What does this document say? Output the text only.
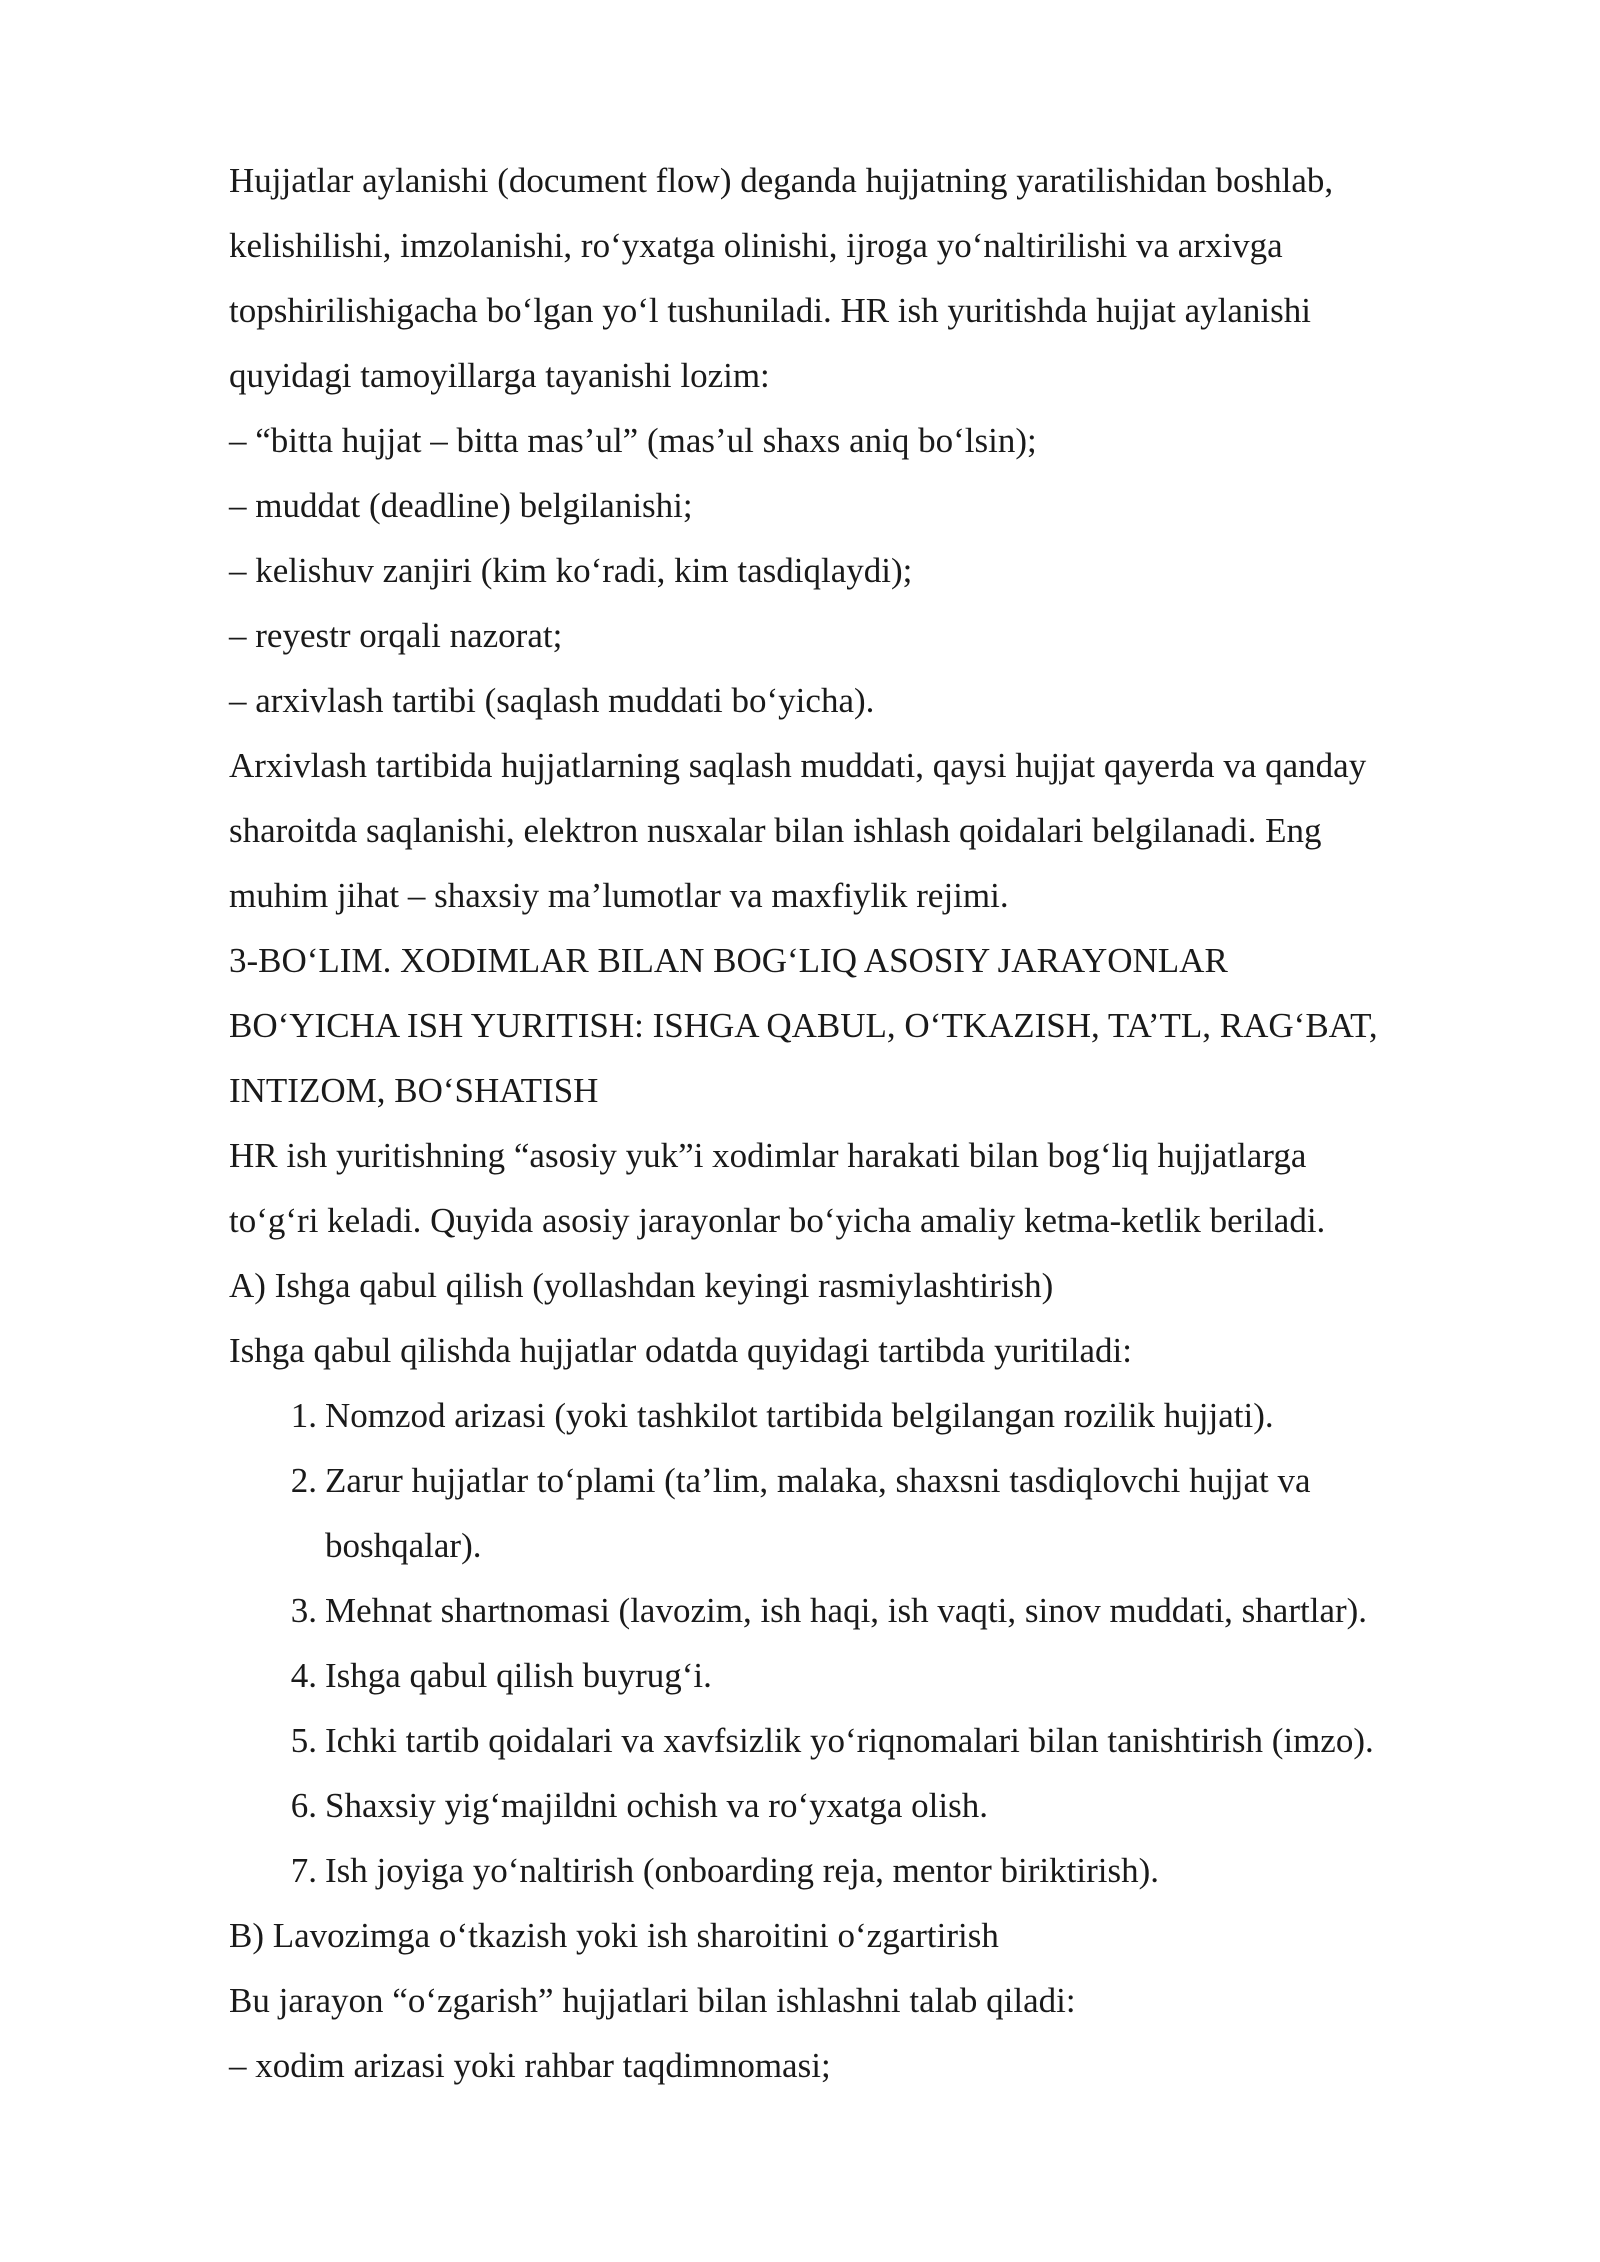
Hujjatlar aylanishi (document flow) deganda hujjatning yaratilishidan boshlab,
kelishilishi, imzolanishi, ro‘yxatga olinishi, ijroga yo‘naltirilishi va arxivga
topshirilishigacha bo‘lgan yo‘l tushuniladi. HR ish yuritishda hujjat aylanishi
quyidagi tamoyillarga tayanishi lozim:
– “bitta hujjat – bitta mas’ul” (mas’ul shaxs aniq bo‘lsin);
– muddat (deadline) belgilanishi;
– kelishuv zanjiri (kim ko‘radi, kim tasdiqlaydi);
– reyestr orqali nazorat;
– arxivlash tartibi (saqlash muddati bo‘yicha).
Arxivlash tartibida hujjatlarning saqlash muddati, qaysi hujjat qayerda va qanday
sharoitda saqlanishi, elektron nusxalar bilan ishlash qoidalari belgilanadi. Eng
muhim jihat – shaxsiy ma’lumotlar va maxfiylik rejimi.
3-BO‘LIM. XODIMLAR BILAN BOG‘LIQ ASOSIY JARAYONLAR
BO‘YICHA ISH YURITISH: ISHGA QABUL, O‘TKAZISH, TA’TL, RAG‘BAT,
INTIZOM, BO‘SHATISH
HR ish yuritishning “asosiy yuk”i xodimlar harakati bilan bog‘liq hujjatlarga
to‘g‘ri keladi. Quyida asosiy jarayonlar bo‘yicha amaliy ketma-ketlik beriladi.
A) Ishga qabul qilish (yollashdan keyingi rasmiylashtirish)
Ishga qabul qilishda hujjatlar odatda quyidagi tartibda yuritiladi:
1. Nomzod arizasi (yoki tashkilot tartibida belgilangan rozilik hujjati).
2. Zarur hujjatlar to‘plami (ta’lim, malaka, shaxsni tasdiqlovchi hujjat va
boshqalar).
3. Mehnat shartnomasi (lavozim, ish haqi, ish vaqti, sinov muddati, shartlar).
4. Ishga qabul qilish buyrug‘i.
5. Ichki tartib qoidalari va xavfsizlik yo‘riqnomalari bilan tanishtirish (imzo).
6. Shaxsiy yig‘majildni ochish va ro‘yxatga olish.
7. Ish joyiga yo‘naltirish (onboarding reja, mentor biriktirish).
B) Lavozimga o‘tkazish yoki ish sharoitini o‘zgartirish
Bu jarayon “o‘zgarish” hujjatlari bilan ishlashni talab qiladi:
– xodim arizasi yoki rahbar taqdimnomasi;
